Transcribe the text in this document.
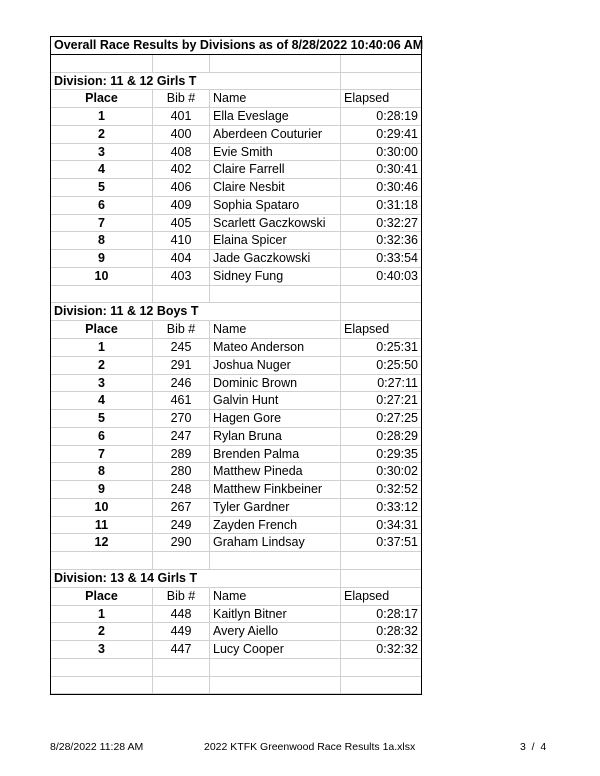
Overall Race Results by Divisions as of 8/28/2022 10:40:06 AM
Division: 11 & 12 Girls T
Place	Bib #	Name	Elapsed
1	401	Ella Eveslage	0:28:19
2	400	Aberdeen Couturier	0:29:41
3	408	Evie Smith	0:30:00
4	402	Claire Farrell	0:30:41
5	406	Claire Nesbit	0:30:46
6	409	Sophia Spataro	0:31:18
7	405	Scarlett Gaczkowski	0:32:27
8	410	Elaina Spicer	0:32:36
9	404	Jade Gaczkowski	0:33:54
10	403	Sidney Fung	0:40:03
Division: 11 & 12 Boys T
Place	Bib #	Name	Elapsed
1	245	Mateo Anderson	0:25:31
2	291	Joshua Nuger	0:25:50
3	246	Dominic Brown	0:27:11
4	461	Galvin Hunt	0:27:21
5	270	Hagen Gore	0:27:25
6	247	Rylan Bruna	0:28:29
7	289	Brenden Palma	0:29:35
8	280	Matthew Pineda	0:30:02
9	248	Matthew Finkbeiner	0:32:52
10	267	Tyler Gardner	0:33:12
11	249	Zayden French	0:34:31
12	290	Graham Lindsay	0:37:51
Division: 13 & 14 Girls T
Place	Bib #	Name	Elapsed
1	448	Kaitlyn Bitner	0:28:17
2	449	Avery Aiello	0:28:32
3	447	Lucy Cooper	0:32:32
8/28/2022 11:28 AM	2022 KTFK Greenwood Race Results 1a.xlsx	3  /  4
